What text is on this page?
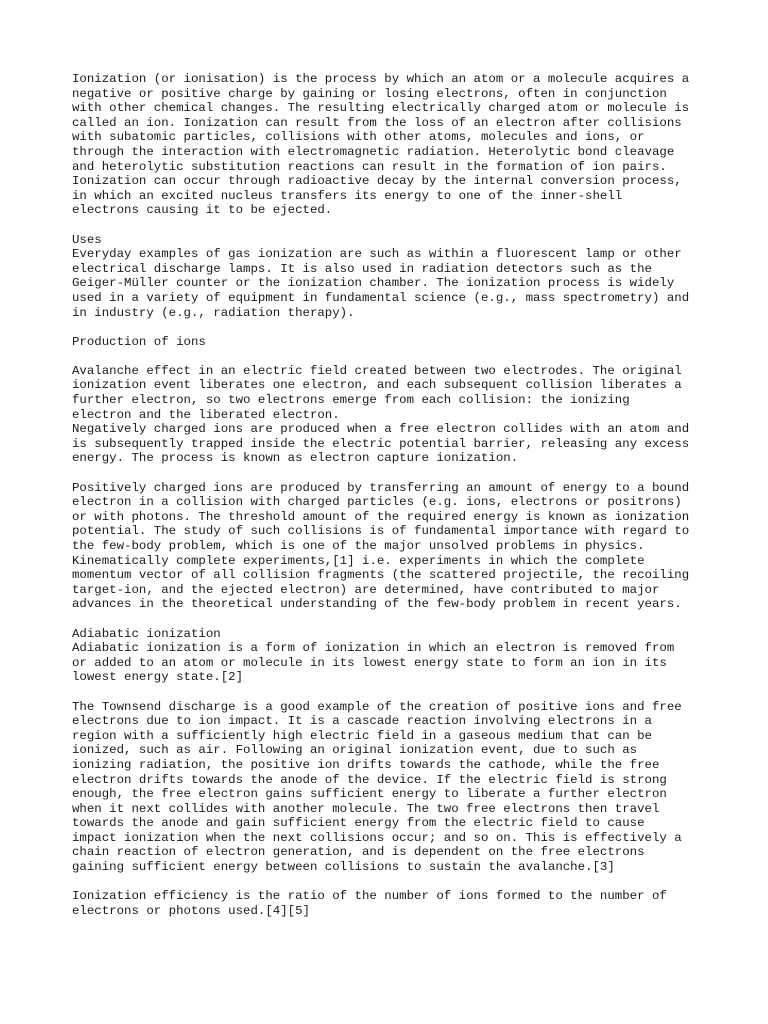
Ionization (or ionisation) is the process by which an atom or a molecule acquires a
negative or positive charge by gaining or losing electrons, often in conjunction
with other chemical changes. The resulting electrically charged atom or molecule is
called an ion. Ionization can result from the loss of an electron after collisions
with subatomic particles, collisions with other atoms, molecules and ions, or
through the interaction with electromagnetic radiation. Heterolytic bond cleavage
and heterolytic substitution reactions can result in the formation of ion pairs.
Ionization can occur through radioactive decay by the internal conversion process,
in which an excited nucleus transfers its energy to one of the inner-shell
electrons causing it to be ejected.
Uses
Everyday examples of gas ionization are such as within a fluorescent lamp or other
electrical discharge lamps. It is also used in radiation detectors such as the
Geiger-Müller counter or the ionization chamber. The ionization process is widely
used in a variety of equipment in fundamental science (e.g., mass spectrometry) and
in industry (e.g., radiation therapy).
Production of ions
Avalanche effect in an electric field created between two electrodes. The original
ionization event liberates one electron, and each subsequent collision liberates a
further electron, so two electrons emerge from each collision: the ionizing
electron and the liberated electron.
Negatively charged ions are produced when a free electron collides with an atom and
is subsequently trapped inside the electric potential barrier, releasing any excess
energy. The process is known as electron capture ionization.
Positively charged ions are produced by transferring an amount of energy to a bound
electron in a collision with charged particles (e.g. ions, electrons or positrons)
or with photons. The threshold amount of the required energy is known as ionization
potential. The study of such collisions is of fundamental importance with regard to
the few-body problem, which is one of the major unsolved problems in physics.
Kinematically complete experiments,[1] i.e. experiments in which the complete
momentum vector of all collision fragments (the scattered projectile, the recoiling
target-ion, and the ejected electron) are determined, have contributed to major
advances in the theoretical understanding of the few-body problem in recent years.
Adiabatic ionization
Adiabatic ionization is a form of ionization in which an electron is removed from
or added to an atom or molecule in its lowest energy state to form an ion in its
lowest energy state.[2]
The Townsend discharge is a good example of the creation of positive ions and free
electrons due to ion impact. It is a cascade reaction involving electrons in a
region with a sufficiently high electric field in a gaseous medium that can be
ionized, such as air. Following an original ionization event, due to such as
ionizing radiation, the positive ion drifts towards the cathode, while the free
electron drifts towards the anode of the device. If the electric field is strong
enough, the free electron gains sufficient energy to liberate a further electron
when it next collides with another molecule. The two free electrons then travel
towards the anode and gain sufficient energy from the electric field to cause
impact ionization when the next collisions occur; and so on. This is effectively a
chain reaction of electron generation, and is dependent on the free electrons
gaining sufficient energy between collisions to sustain the avalanche.[3]
Ionization efficiency is the ratio of the number of ions formed to the number of
electrons or photons used.[4][5]
